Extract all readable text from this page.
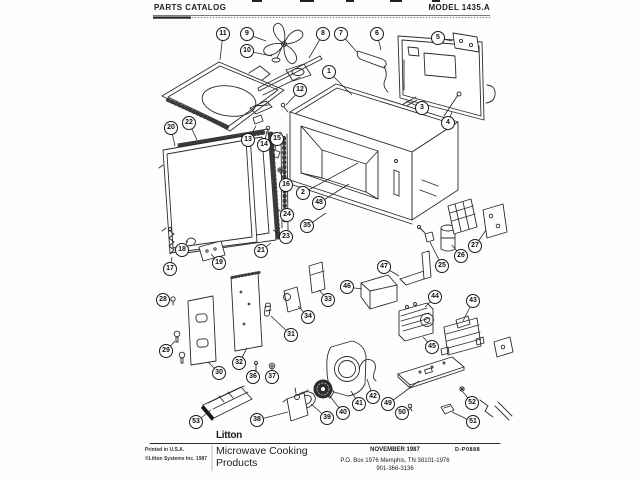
1
2
3
4
5
6
7
8
9
10
11
12
13
14
15
16
17
18
19
20
21
22
23
24
25
26
27
28
29
30
31
32
33
34
35
36	37
38	39
40
41
42
43
44
45
46
47
48
49
50
51
52
53
PARTS CATALOG	MODEL 1435.A
Litton
Printed in U.S.A.
©Litton Systems Inc. 1987
Microwave Cooking
Products
NOVEMBER 1987
P.O. Box 1976 Memphis, TN 38101-1976
901-366-3136
D-P0888
